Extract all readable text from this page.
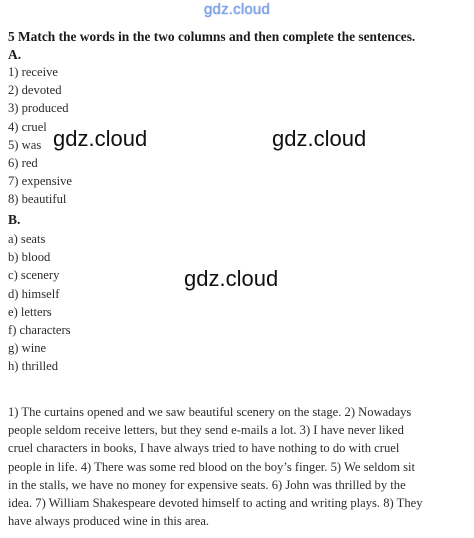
gdz.cloud
5 Match the words in the two columns and then complete the sentences.
A.
1) receive
2) devoted
3) produced
4) cruel
5) was
6) red
7) expensive
8) beautiful
B.
a) seats
b) blood
c) scenery
d) himself
e) letters
f) characters
g) wine
h) thrilled
gdz.cloud	gdz.cloud
gdz.cloud

1) The curtains opened and we saw beautiful scenery on the stage. 2) Nowadays
people seldom receive letters, but they send e-mails a lot. 3) I have never liked
cruel characters in books, I have always tried to have nothing to do with cruel
people in life. 4) There was some red blood on the boy’s finger. 5) We seldom sit
in the stalls, we have no money for expensive seats. 6) John was thrilled by the
idea. 7) William Shakespeare devoted himself to acting and writing plays. 8) They
have always produced wine in this area.
